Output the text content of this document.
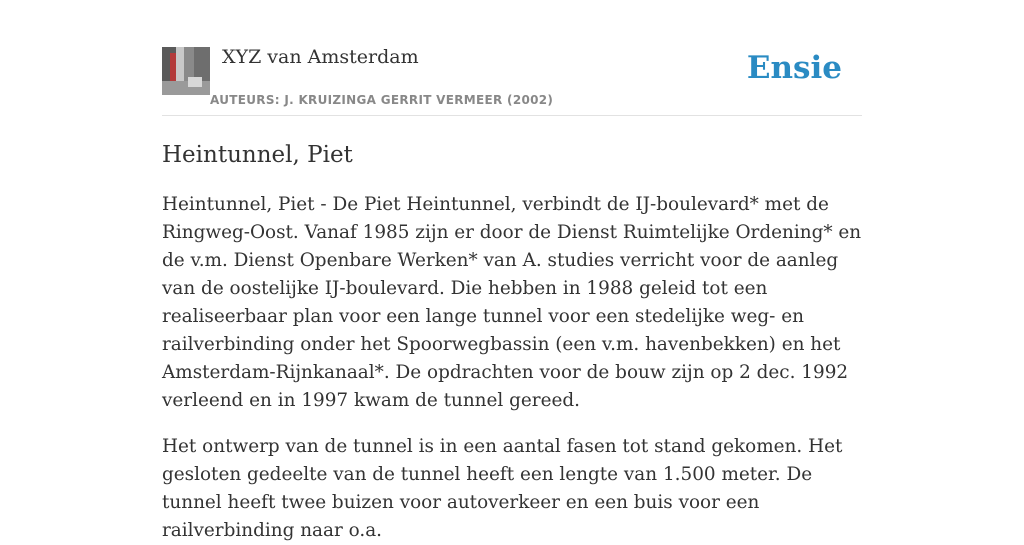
XYZ van Amsterdam
AUTEURS: J. KRUIZINGA GERRIT VERMEER (2002)
Ensie
Heintunnel, Piet

Heintunnel, Piet - De Piet Heintunnel, verbindt de IJ-boulevard* met de Ringweg-Oost. Vanaf 1985 zijn er door de Dienst Ruimtelijke Ordening* en de v.m. Dienst Openbare Werken* van A. studies verricht voor de aanleg van de oostelijke IJ-boulevard. Die hebben in 1988 geleid tot een realiseerbaar plan voor een lange tunnel voor een stedelijke weg- en railverbinding onder het Spoorwegbassin (een v.m. havenbekken) en het Amsterdam-Rijnkanaal*. De opdrachten voor de bouw zijn op 2 dec. 1992 verleend en in 1997 kwam de tunnel gereed.

Het ontwerp van de tunnel is in een aantal fasen tot stand gekomen. Het gesloten gedeelte van de tunnel heeft een lengte van 1.500 meter. De tunnel heeft twee buizen voor autoverkeer en een buis voor een railverbinding naar o.a.
